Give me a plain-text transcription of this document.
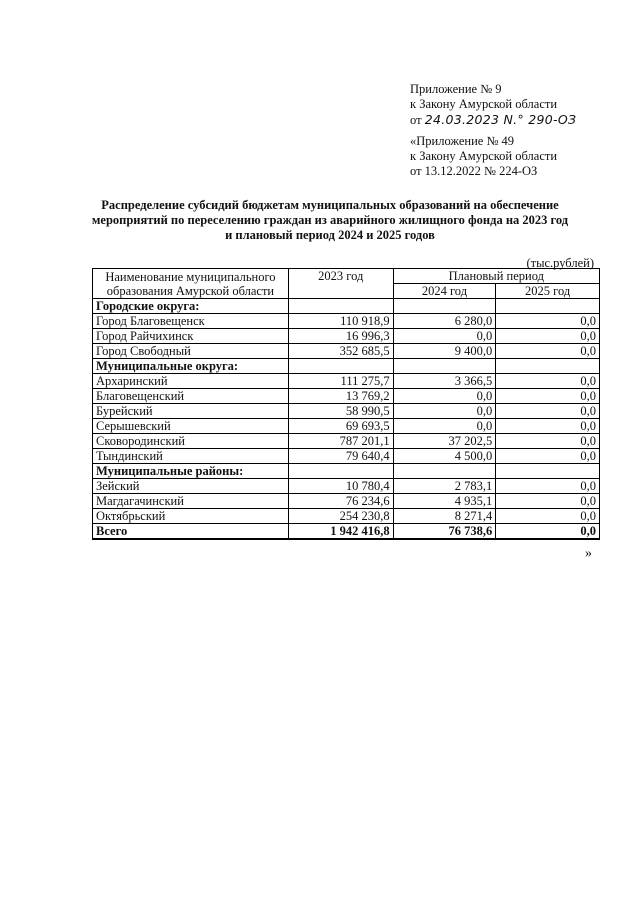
Приложение № 9
к Закону Амурской области
от 24.03.2023 N.° 290-ОЗ
«Приложение № 49
к Закону Амурской области
от 13.12.2022 № 224-ОЗ
Распределение субсидий бюджетам муниципальных образований на обеспечение
мероприятий по переселению граждан из аварийного жилищного фонда на 2023 год
и плановый период 2024 и 2025 годов
(тыс.рублей)
Наименование муниципального
образования Амурской области	2023 год	Плановый период	
		2024 год	2025 год
Городские округа:			
Город Благовещенск	110 918,9	6 280,0	0,0
Город Райчихинск	16 996,3	0,0	0,0
Город Свободный	352 685,5	9 400,0	0,0
Муниципальные округа:			
Архаринский	111 275,7	3 366,5	0,0
Благовещенский	13 769,2	0,0	0,0
Бурейский	58 990,5	0,0	0,0
Серышевский	69 693,5	0,0	0,0
Сковородинский	787 201,1	37 202,5	0,0
Тындинский	79 640,4	4 500,0	0,0
Муниципальные районы:			
Зейский	10 780,4	2 783,1	0,0
Магдагачинский	76 234,6	4 935,1	0,0
Октябрьский	254 230,8	8 271,4	0,0
Всего	1 942 416,8	76 738,6	0,0
»
